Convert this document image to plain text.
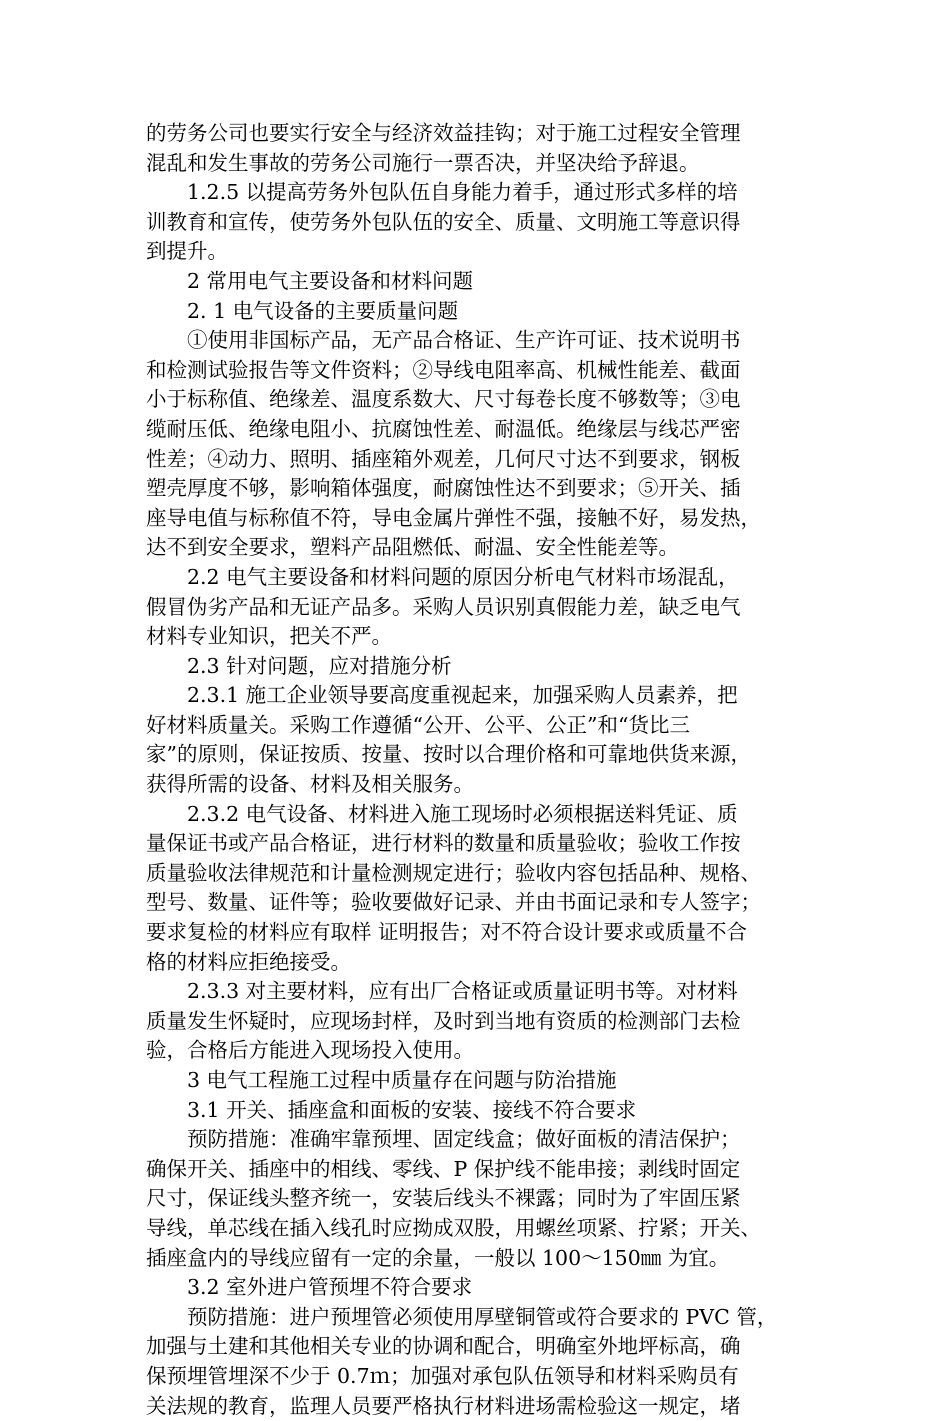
的劳务公司也要实行安全与经济效益挂钩；对于施工过程安全管理
混乱和发生事故的劳务公司施行一票否决，并坚决给予辞退。
1.2.5 以提高劳务外包队伍自身能力着手，通过形式多样的培
训教育和宣传，使劳务外包队伍的安全、质量、文明施工等意识得
到提升。
2 常用电气主要设备和材料问题
2. 1 电气设备的主要质量问题
①使用非国标产品，无产品合格证、生产许可证、技术说明书
和检测试验报告等文件资料；②导线电阻率高、机械性能差、截面
小于标称值、绝缘差、温度系数大、尺寸每卷长度不够数等；③电
缆耐压低、绝缘电阻小、抗腐蚀性差、耐温低。绝缘层与线芯严密
性差；④动力、照明、插座箱外观差，几何尺寸达不到要求，钢板
塑壳厚度不够，影响箱体强度，耐腐蚀性达不到要求；⑤开关、插
座导电值与标称值不符，导电金属片弹性不强，接触不好，易发热，
达不到安全要求，塑料产品阻燃低、耐温、安全性能差等。
2.2 电气主要设备和材料问题的原因分析电气材料市场混乱，
假冒伪劣产品和无证产品多。采购人员识别真假能力差，缺乏电气
材料专业知识，把关不严。
2.3 针对问题，应对措施分析
2.3.1 施工企业领导要高度重视起来，加强采购人员素养，把
好材料质量关。采购工作遵循“公开、公平、公正”和“货比三
家”的原则，保证按质、按量、按时以合理价格和可靠地供货来源，
获得所需的设备、材料及相关服务。
2.3.2 电气设备、材料进入施工现场时必须根据送料凭证、质
量保证书或产品合格证，进行材料的数量和质量验收；验收工作按
质量验收法律规范和计量检测规定进行；验收内容包括品种、规格、
型号、数量、证件等；验收要做好记录、并由书面记录和专人签字；
要求复检的材料应有取样 证明报告；对不符合设计要求或质量不合
格的材料应拒绝接受。
2.3.3 对主要材料，应有出厂合格证或质量证明书等。对材料
质量发生怀疑时，应现场封样，及时到当地有资质的检测部门去检
验，合格后方能进入现场投入使用。
3 电气工程施工过程中质量存在问题与防治措施
3.1 开关、插座盒和面板的安装、接线不符合要求
预防措施：准确牢靠预埋、固定线盒；做好面板的清洁保护；
确保开关、插座中的相线、零线、P 保护线不能串接；剥线时固定
尺寸，保证线头整齐统一，安装后线头不裸露；同时为了牢固压紧
导线，单芯线在插入线孔时应拗成双股，用螺丝项紧、拧紧；开关、
插座盒内的导线应留有一定的余量，一般以 100～150㎜ 为宜。
3.2 室外进户管预埋不符合要求
预防措施：进户预埋管必须使用厚壁铜管或符合要求的 PVC 管，
加强与土建和其他相关专业的协调和配合，明确室外地坪标高，确
保预埋管埋深不少于 0.7ｍ；加强对承包队伍领导和材料采购员有
关法规的教育，监理人员要严格执行材料进场需检验这一规定，堵
